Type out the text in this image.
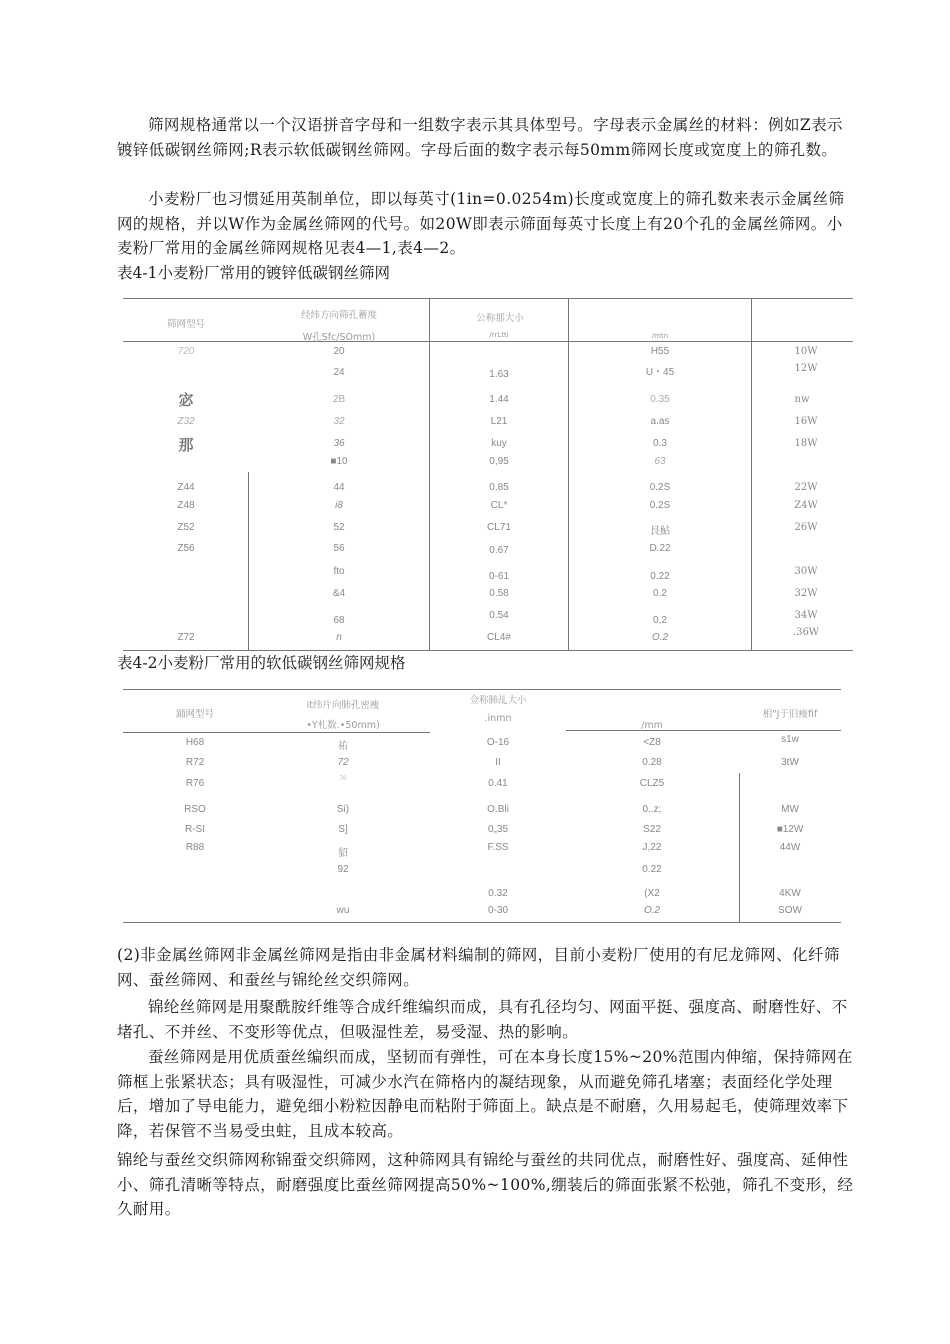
筛网规格通常以一个汉语拼音字母和一组数字表示其具体型号。字母表示金属丝的材料：例如Z表示镀锌低碳钢丝筛网;R表示软低碳钢丝筛网。字母后面的数字表示每50mm筛网长度或宽度上的筛孔数。

小麦粉厂也习惯延用英制单位，即以每英寸(1in=0.0254m)长度或宽度上的筛孔数来表示金属丝筛网的规格，并以W作为金属丝筛网的代号。如20W即表示筛面每英寸长度上有20个孔的金属丝筛网。小麦粉厂常用的金属丝筛网规格见表4—1,表4—2。

表4-1小麦粉厂常用的镀锌低碳钢丝筛网

筛网型号
经纬方向筛孔蓄度
W孔Sfc/SOmm)
公称那大小
/rrLtti	/mtn
720
宓
Z32
那
Z44
Z48
Z52
Z56
Z72
20
24
2B
32
36
■10
44
i8
52
56
fto
&4
68
n
1.63
1.44
L21
kuy
0,95
0.85
CL*
CL71
0.67
0-61
0.58
0.54
CL4#
H55
U・45
0.35
a.as
0.3
63
0.2S
0.2S
艮鮎
D.22
0.22
0.2
0,2
O.2
10W
12W
nw
16W
18W
22W
Z4W
26W
30W
32W
34W
.36W

表4-2小麦粉厂常用的软低碳钢丝筛网规格

踊网型号
it纬片向肺孔密痩
•Y札数.•50mm)
佥称肺乩大小
.inmn
/mm
相"J于旧瘦fif
H68
R72
R76
RSO
R-SI
R88
祐
72
76
Si)
S]
貂
92
wu
O-16
II
0.41
O.Bli
0„35
F.SS
0.32
0-30
<Z8
0.28
CLZ5
0..z;
S22
J,22
0.22
(X2
O.2
s1w
3tW
MW
■12W
44W
4KW
SOW

(2)非金属丝筛网非金属丝筛网是指由非金属材料编制的筛网，目前小麦粉厂使用的有尼龙筛网、化纤筛网、蚕丝筛网、和蚕丝与锦纶丝交织筛网。

锦纶丝筛网是用聚酰胺纤维等合成纤维编织而成，具有孔径均匀、网面平挺、强度高、耐磨性好、不堵孔、不并丝、不变形等优点，但吸湿性差，易受湿、热的影响。

蚕丝筛网是用优质蚕丝编织而成，坚韧而有弹性，可在本身长度15%~20%范围内伸缩，保持筛网在筛框上张紧状态；具有吸湿性，可减少水汽在筛格内的凝结现象，从而避免筛孔堵塞；表面经化学处理后，增加了导电能力，避免细小粉粒因静电而粘附于筛面上。缺点是不耐磨，久用易起毛，使筛理效率下降，若保管不当易受虫蛀，且成本较高。

锦纶与蚕丝交织筛网称锦蚕交织筛网，这种筛网具有锦纶与蚕丝的共同优点，耐磨性好、强度高、延伸性小、筛孔清晰等特点，耐磨强度比蚕丝筛网提高50%~100%,绷装后的筛面张紧不松弛，筛孔不变形，经久耐用。
